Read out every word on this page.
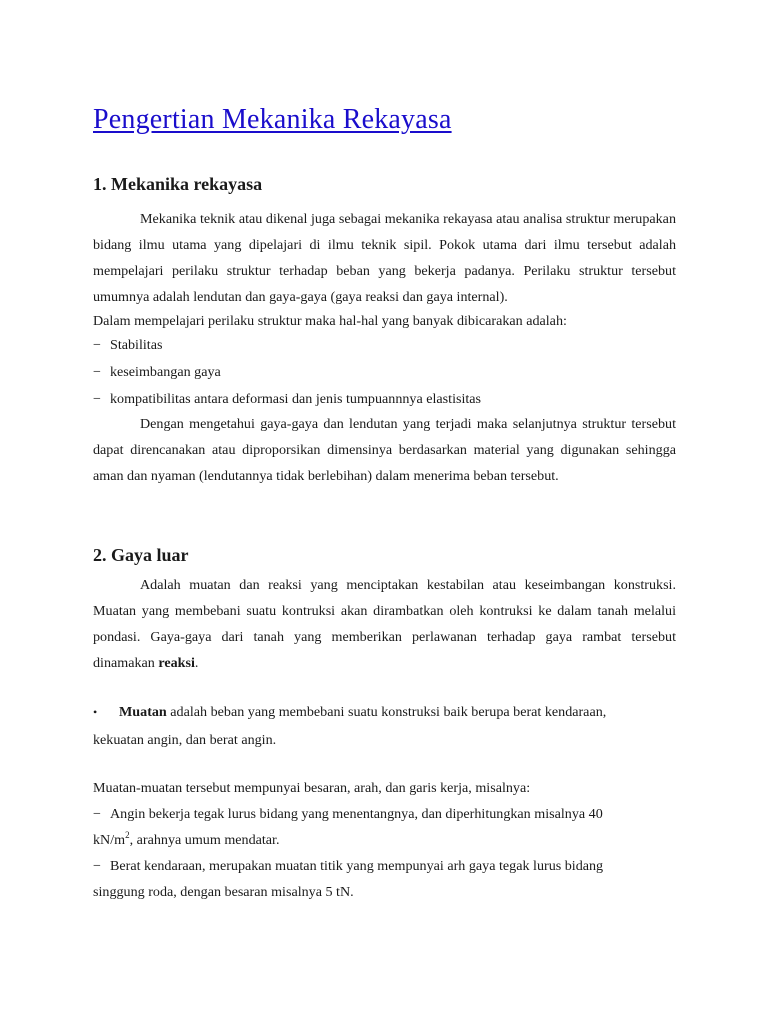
Pengertian Mekanika Rekayasa
1. Mekanika rekayasa

Mekanika teknik atau dikenal juga sebagai mekanika rekayasa atau analisa struktur merupakan bidang ilmu utama yang dipelajari di ilmu teknik sipil. Pokok utama dari ilmu tersebut adalah mempelajari perilaku struktur terhadap beban yang bekerja padanya. Perilaku struktur tersebut umumnya adalah lendutan dan gaya-gaya (gaya reaksi dan gaya internal).

Dalam mempelajari perilaku struktur maka hal-hal yang banyak dibicarakan adalah:

− Stabilitas
− keseimbangan gaya
− kompatibilitas antara deformasi dan jenis tumpuannnya elastisitas

Dengan mengetahui gaya-gaya dan lendutan yang terjadi maka selanjutnya struktur tersebut dapat direncanakan atau diproporsikan dimensinya berdasarkan material yang digunakan sehingga aman dan nyaman (lendutannya tidak berlebihan) dalam menerima beban tersebut.

2. Gaya luar

Adalah muatan dan reaksi yang menciptakan kestabilan atau keseimbangan konstruksi. Muatan yang membebani suatu kontruksi akan dirambatkan oleh kontruksi ke dalam tanah melalui pondasi. Gaya-gaya dari tanah yang memberikan perlawanan terhadap gaya rambat tersebut dinamakan reaksi.

• Muatan adalah beban yang membebani suatu konstruksi baik berupa berat kendaraan,

kekuatan angin, dan berat angin.

Muatan-muatan tersebut mempunyai besaran, arah, dan garis kerja, misalnya:

− Angin bekerja tegak lurus bidang yang menentangnya, dan diperhitungkan misalnya 40

$kN/m^2$, arahnya umum mendatar.

− Berat kendaraan, merupakan muatan titik yang mempunyai arh gaya tegak lurus bidang

singgung roda, dengan besaran misalnya 5 tN.
